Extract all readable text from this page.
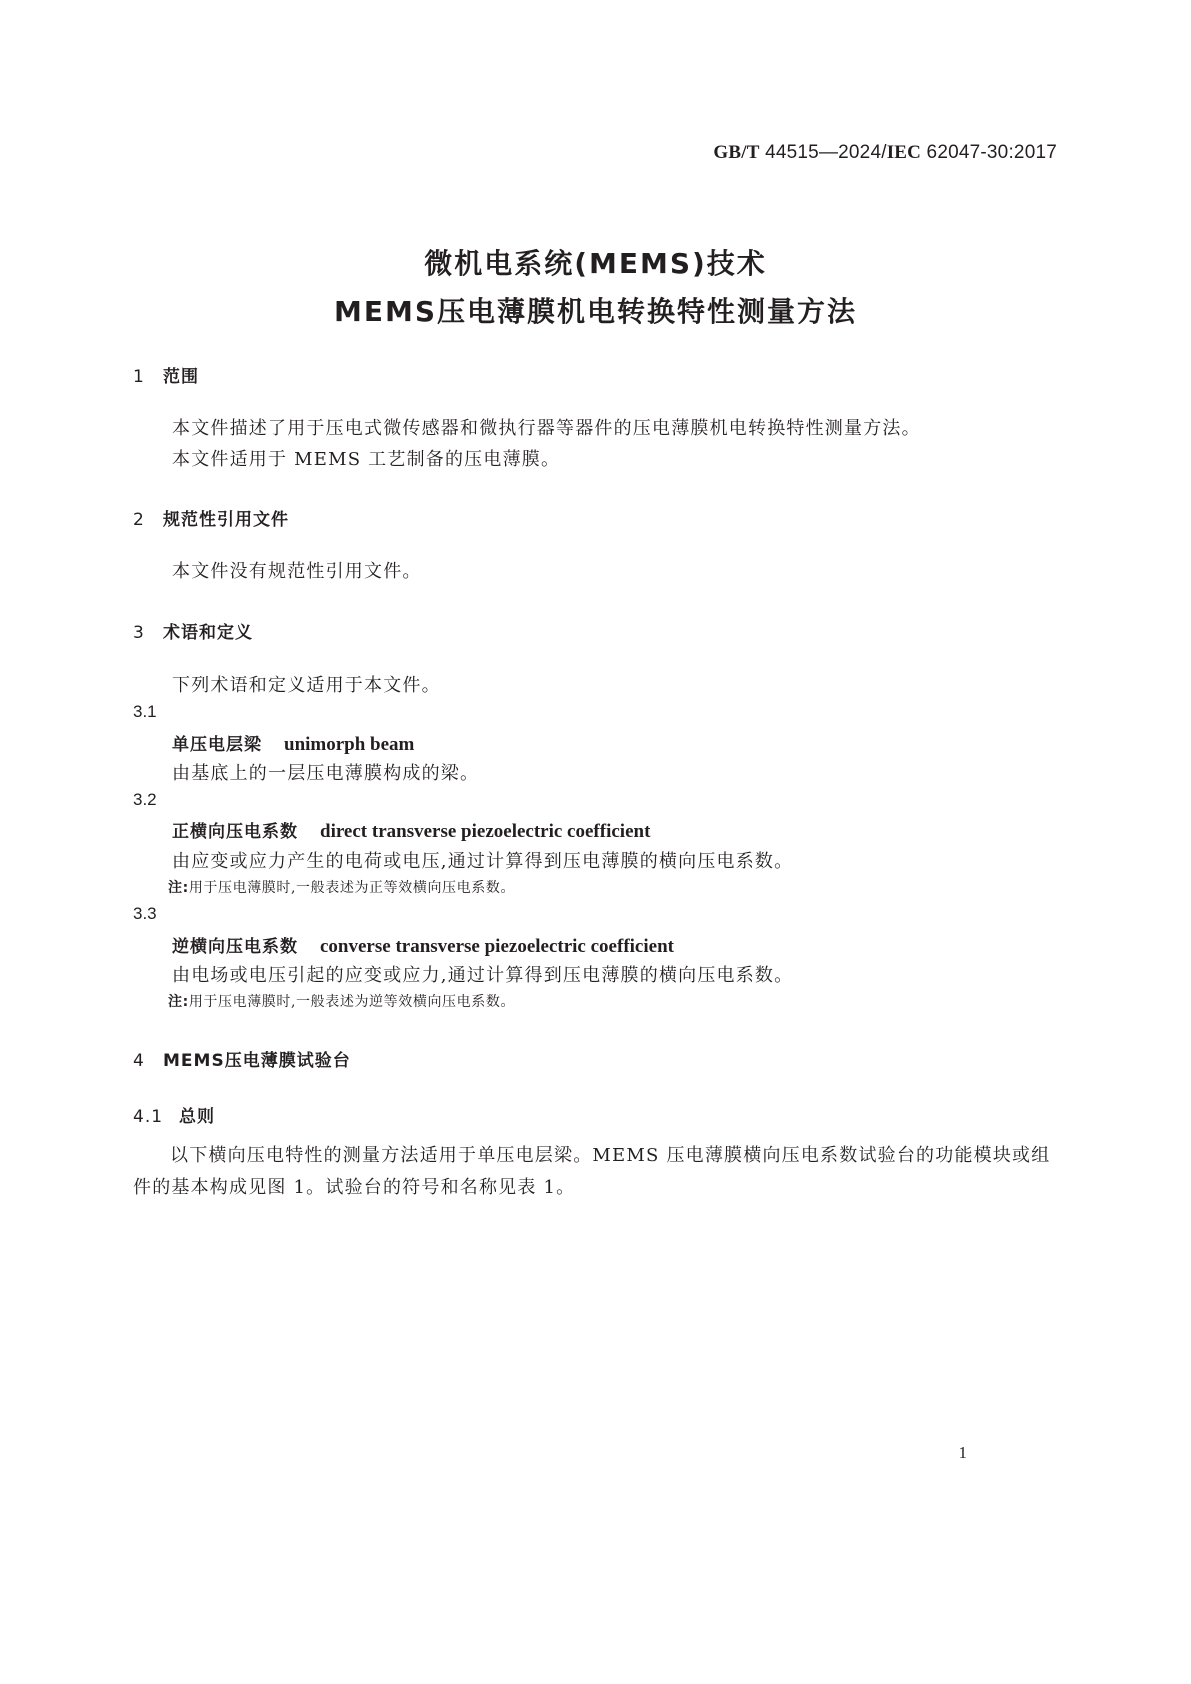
GB/T 44515—2024/IEC 62047-30:2017
微机电系统(MEMS)技术
MEMS压电薄膜机电转换特性测量方法
1 范围
本文件描述了用于压电式微传感器和微执行器等器件的压电薄膜机电转换特性测量方法。
本文件适用于 MEMS 工艺制备的压电薄膜。
2 规范性引用文件
本文件没有规范性引用文件。
3 术语和定义
下列术语和定义适用于本文件。
3.1
单压电层梁 unimorph beam
由基底上的一层压电薄膜构成的梁。
3.2
正横向压电系数 direct transverse piezoelectric coefficient
由应变或应力产生的电荷或电压,通过计算得到压电薄膜的横向压电系数。
注:用于压电薄膜时,一般表述为正等效横向压电系数。
3.3
逆横向压电系数 converse transverse piezoelectric coefficient
由电场或电压引起的应变或应力,通过计算得到压电薄膜的横向压电系数。
注:用于压电薄膜时,一般表述为逆等效横向压电系数。
4 MEMS压电薄膜试验台
4.1 总则
以下横向压电特性的测量方法适用于单压电层梁。MEMS 压电薄膜横向压电系数试验台的功能模块或组件的基本构成见图 1。试验台的符号和名称见表 1。
1
